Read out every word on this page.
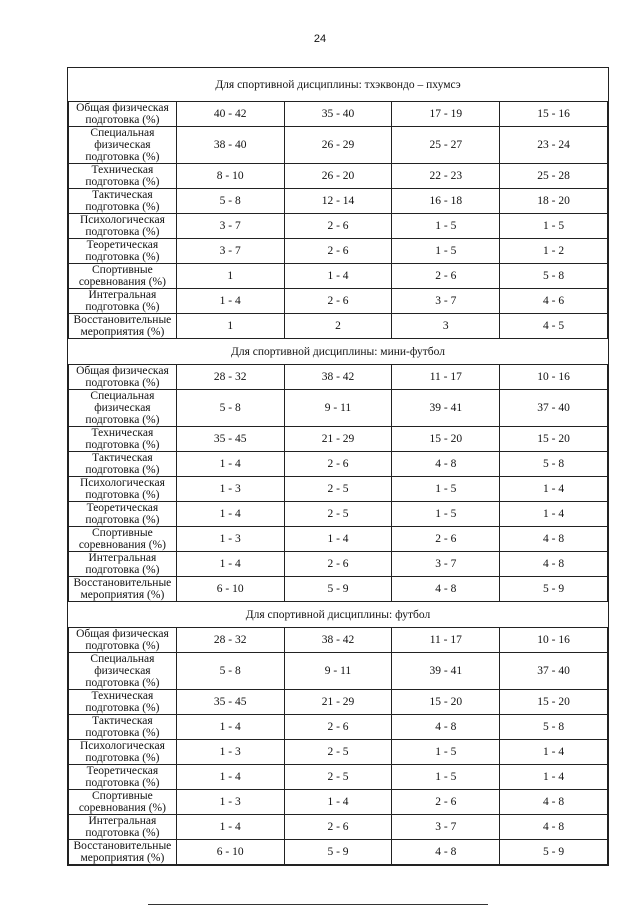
24
Для спортивной дисциплины: тхэквондо – пхумсэ				
Общая физическая подготовка (%)	40 - 42	35 - 40	17 - 19	15 - 16
Специальная физическая подготовка (%)	38 - 40	26 - 29	25 - 27	23 - 24
Техническая подготовка (%)	8 - 10	26 - 20	22 - 23	25 - 28
Тактическая подготовка (%)	5 - 8	12 - 14	16 - 18	18 - 20
Психологическая подготовка (%)	3 - 7	2 - 6	1 - 5	1 - 5
Теоретическая подготовка (%)	3 - 7	2 - 6	1 - 5	1 - 2
Спортивные соревнования (%)	1	1 - 4	2 - 6	5 - 8
Интегральная подготовка (%)	1 - 4	2 - 6	3 - 7	4 - 6
Восстановительные мероприятия (%)	1	2	3	4 - 5
Для спортивной дисциплины: мини-футбол				
Общая физическая подготовка (%)	28 - 32	38 - 42	11 - 17	10 - 16
Специальная физическая подготовка (%)	5 - 8	9 - 11	39 - 41	37 - 40
Техническая подготовка (%)	35 - 45	21 - 29	15 - 20	15 - 20
Тактическая подготовка (%)	1 - 4	2 - 6	4 - 8	5 - 8
Психологическая подготовка (%)	1 - 3	2 - 5	1 - 5	1 - 4
Теоретическая подготовка (%)	1 - 4	2 - 5	1 - 5	1 - 4
Спортивные соревнования (%)	1 - 3	1 - 4	2 - 6	4 - 8
Интегральная подготовка (%)	1 - 4	2 - 6	3 - 7	4 - 8
Восстановительные мероприятия (%)	6 - 10	5 - 9	4 - 8	5 - 9
Для спортивной дисциплины: футбол				
Общая физическая подготовка (%)	28 - 32	38 - 42	11 - 17	10 - 16
Специальная физическая подготовка (%)	5 - 8	9 - 11	39 - 41	37 - 40
Техническая подготовка (%)	35 - 45	21 - 29	15 - 20	15 - 20
Тактическая подготовка (%)	1 - 4	2 - 6	4 - 8	5 - 8
Психологическая подготовка (%)	1 - 3	2 - 5	1 - 5	1 - 4
Теоретическая подготовка (%)	1 - 4	2 - 5	1 - 5	1 - 4
Спортивные соревнования (%)	1 - 3	1 - 4	2 - 6	4 - 8
Интегральная подготовка (%)	1 - 4	2 - 6	3 - 7	4 - 8
Восстановительные мероприятия (%)	6 - 10	5 - 9	4 - 8	5 - 9
